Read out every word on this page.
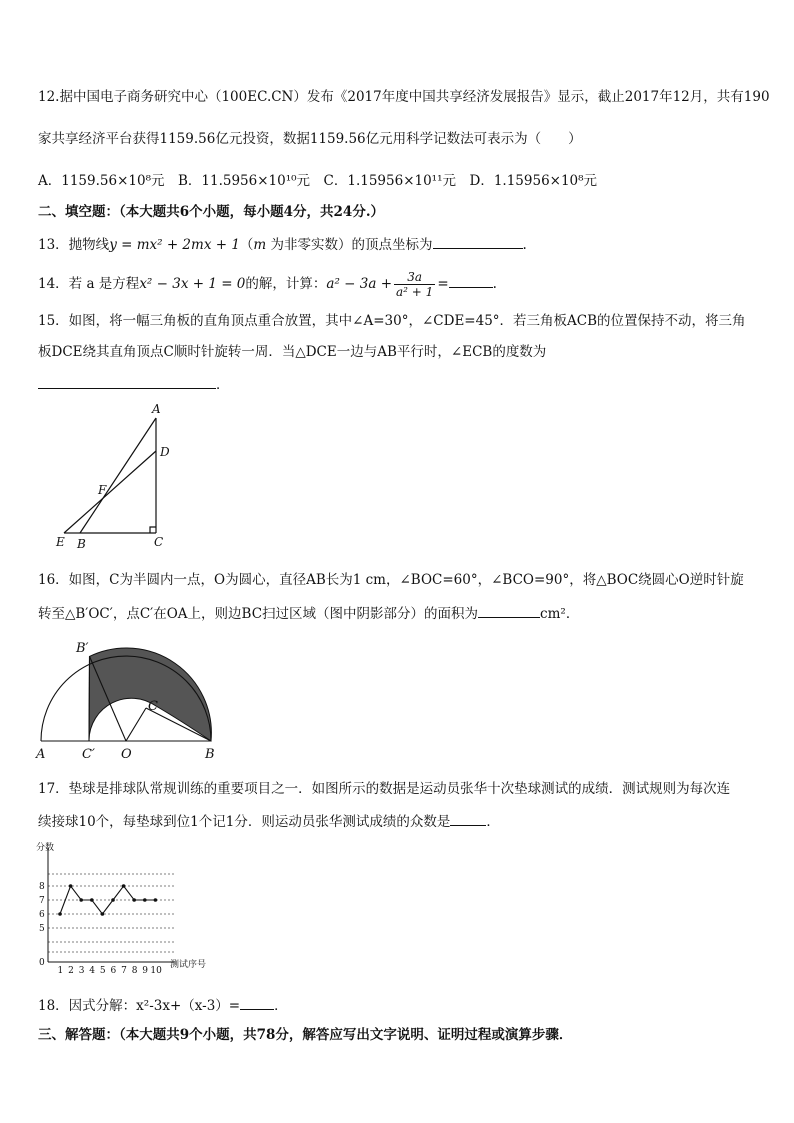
12.据中国电子商务研究中心（100EC.CN）发布《2017年度中国共享经济发展报告》显示，截止2017年12月，共有190
家共享经济平台获得1159.56亿元投资，数据1159.56亿元用科学记数法可表示为（　　）
A．1159.56×10⁸元　B．11.5956×10¹⁰元　C．1.15956×10¹¹元　D．1.15956×10⁸元
二、填空题：（本大题共6个小题，每小题4分，共24分.）
13．抛物线y = mx² + 2mx + 1（m 为非零实数）的顶点坐标为	.
14．若 a 是方程x² − 3x + 1 = 0的解，计算：$a^2 - 3a + \frac{3a}{\text{a² + 1}}$ =	.
15．如图，将一幅三角板的直角顶点重合放置，其中∠A=30°，∠CDE=45°．若三角板ACB的位置保持不动，将三角
板DCE绕其直角顶点C顺时针旋转一周．当△DCE一边与AB平行时，∠ECB的度数为
．
A
D
F
E B	C
16．如图，C为半圆内一点，O为圆心，直径AB长为1 cm，∠BOC=60°，∠BCO=90°，将△BOC绕圆心O逆时针旋
转至△B′OC′，点C′在OA上，则边BC扫过区域（图中阴影部分）的面积为	cm²．
B′
C
A	C′ O	B
17．垫球是排球队常规训练的重要项目之一．如图所示的数据是运动员张华十次垫球测试的成绩．测试规则为每次连
续接球10个，每垫球到位1个记1分．则运动员张华测试成绩的众数是	．
分数
测试序号
0
5
6
7
8
1 2 3 4 5 6 7 8 9 10
18．因式分解：x²-3x+（x-3）=	．
三、解答题：（本大题共9个小题，共78分，解答应写出文字说明、证明过程或演算步骤．
